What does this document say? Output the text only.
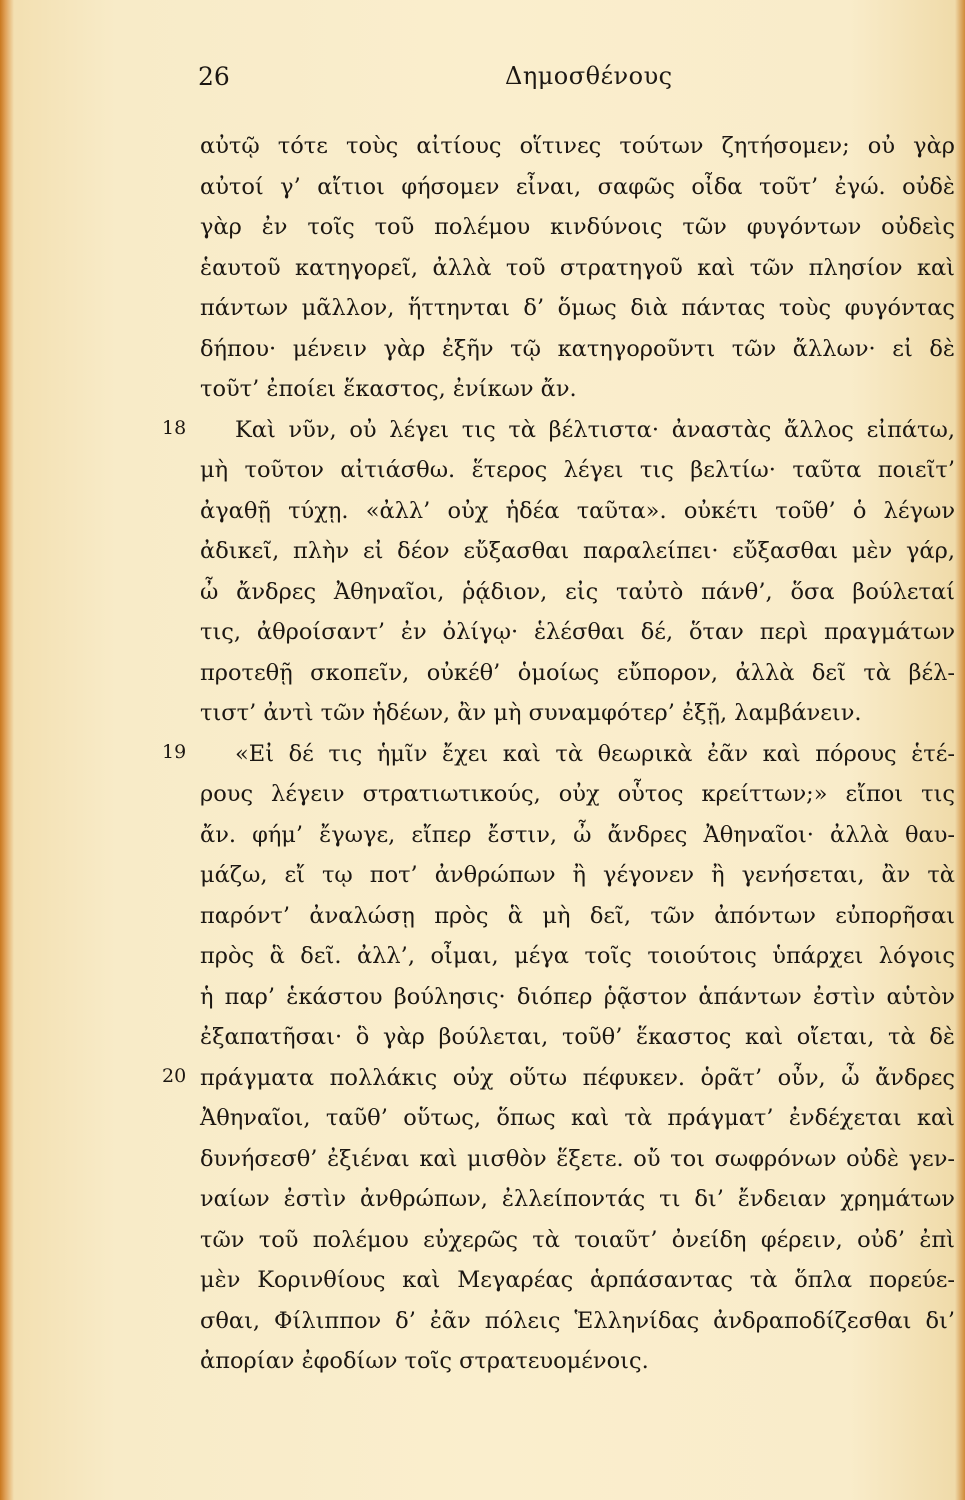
26	Δημοσθένους
αὐτῷ τότε τοὺς αἰτίους οἵτινες τούτων ζητήσομεν; οὐ γὰρ
αὐτοί γ’ αἴτιοι φήσομεν εἶναι, σαφῶς οἶδα τοῦτ’ ἐγώ. οὐδὲ
γὰρ ἐν τοῖς τοῦ πολέμου κινδύνοις τῶν φυγόντων οὐδεὶς
ἑαυτοῦ κατηγορεῖ, ἀλλὰ τοῦ στρατηγοῦ καὶ τῶν πλησίον καὶ
πάντων μᾶλλον, ἥττηνται δ’ ὅμως διὰ πάντας τοὺς φυγόντας
δήπου· μένειν γὰρ ἐξῆν τῷ κατηγοροῦντι τῶν ἄλλων· εἰ δὲ
τοῦτ’ ἐποίει ἕκαστος, ἐνίκων ἄν.
18 Καὶ νῦν, οὐ λέγει τις τὰ βέλτιστα· ἀναστὰς ἄλλος εἰπάτω,
μὴ τοῦτον αἰτιάσθω. ἕτερος λέγει τις βελτίω· ταῦτα ποιεῖτ’
ἀγαθῇ τύχῃ. «ἀλλ’ οὐχ ἡδέα ταῦτα». οὐκέτι τοῦθ’ ὁ λέγων
ἀδικεῖ, πλὴν εἰ δέον εὔξασθαι παραλείπει· εὔξασθαι μὲν γάρ,
ὦ ἄνδρες Ἀθηναῖοι, ῥᾴδιον, εἰς ταὐτὸ πάνθ’, ὅσα βούλεταί
τις, ἀθροίσαντ’ ἐν ὀλίγῳ· ἑλέσθαι δέ, ὅταν περὶ πραγμάτων
προτεθῇ σκοπεῖν, οὐκέθ’ ὁμοίως εὔπορον, ἀλλὰ δεῖ τὰ βέλ-
τιστ’ ἀντὶ τῶν ἡδέων, ἂν μὴ συναμφότερ’ ἐξῇ, λαμβάνειν.
19 «Εἰ δέ τις ἡμῖν ἔχει καὶ τὰ θεωρικὰ ἐᾶν καὶ πόρους ἑτέ-
ρους λέγειν στρατιωτικούς, οὐχ οὗτος κρείττων;» εἴποι τις
ἄν. φήμ’ ἔγωγε, εἴπερ ἔστιν, ὦ ἄνδρες Ἀθηναῖοι· ἀλλὰ θαυ-
μάζω, εἴ τῳ ποτ’ ἀνθρώπων ἢ γέγονεν ἢ γενήσεται, ἂν τὰ
παρόντ’ ἀναλώσῃ πρὸς ἃ μὴ δεῖ, τῶν ἀπόντων εὐπορῆσαι
πρὸς ἃ δεῖ. ἀλλ’, οἶμαι, μέγα τοῖς τοιούτοις ὑπάρχει λόγοις
ἡ παρ’ ἑκάστου βούλησις· διόπερ ῥᾷστον ἁπάντων ἐστὶν αὑτὸν
ἐξαπατῆσαι· ὃ γὰρ βούλεται, τοῦθ’ ἕκαστος καὶ οἴεται, τὰ δὲ
20 πράγματα πολλάκις οὐχ οὕτω πέφυκεν. ὁρᾶτ’ οὖν, ὦ ἄνδρες
Ἀθηναῖοι, ταῦθ’ οὕτως, ὅπως καὶ τὰ πράγματ’ ἐνδέχεται καὶ
δυνήσεσθ’ ἐξιέναι καὶ μισθὸν ἕξετε. οὔ τοι σωφρόνων οὐδὲ γεν-
ναίων ἐστὶν ἀνθρώπων, ἐλλείποντάς τι δι’ ἔνδειαν χρημάτων
τῶν τοῦ πολέμου εὐχερῶς τὰ τοιαῦτ’ ὀνείδη φέρειν, οὐδ’ ἐπὶ
μὲν Κορινθίους καὶ Μεγαρέας ἁρπάσαντας τὰ ὅπλα πορεύε-
σθαι, Φίλιππον δ’ ἐᾶν πόλεις Ἑλληνίδας ἀνδραποδίζεσθαι δι’
ἀπορίαν ἐφοδίων τοῖς στρατευομένοις.
